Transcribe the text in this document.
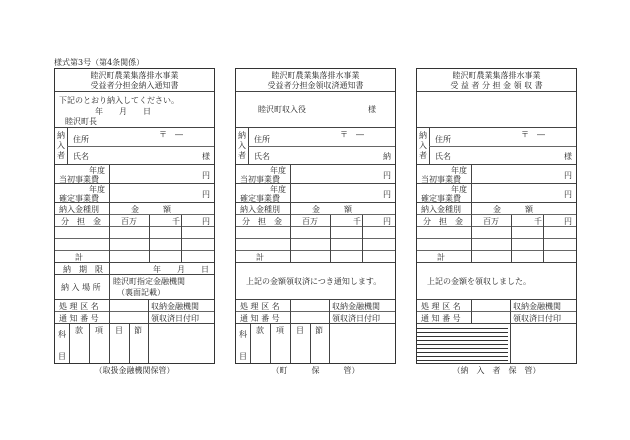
様式第3号（第4条関係）
睦沢町農業集落排水事業
受益者分担金納入通知書
下記のとおり納入してください。
年　　月　　日
睦沢町長
納
入
者
住所
〒　―
氏名	様
年度
当初事業費	円
年度
確定事業費	円
納入金種別	金　　　額
分　担　金	百万	千	円
計
納　期　限	年　　月　　日
納 入 場 所
睦沢町指定金融機関
（裏面記載）
処 理 区 名	収納金融機関
通 知 番 号	領収済日付印
科
目
款 項 目 節
（取扱金融機関保管）
睦沢町農業集落排水事業
受益者分担金領収済通知書
睦沢町収入役	様
納
入
者
住所
〒　―
氏名	納
年度
当初事業費	円
年度
確定事業費	円
納入金種別	金　　　額
分　担　金	百万	千	円
計
上記の金額領収済につき通知します。
処 理 区 名	収納金融機関
通 知 番 号	領収済日付印
科
目
款 項 目 節
（町　　　保　　　管）
睦沢町農業集落排水事業
受 益 者 分 担 金 領 収 書
納
入
者
住所
〒　―
氏名	様
年度
当初事業費	円
年度
確定事業費	円
納入金種別	金　　　額
分　担　金	百万	千	円
計
上記の金額を領収しました。
処 理 区 名	収納金融機関
通 知 番 号	領収済日付印
（納　入　者　保　管）
